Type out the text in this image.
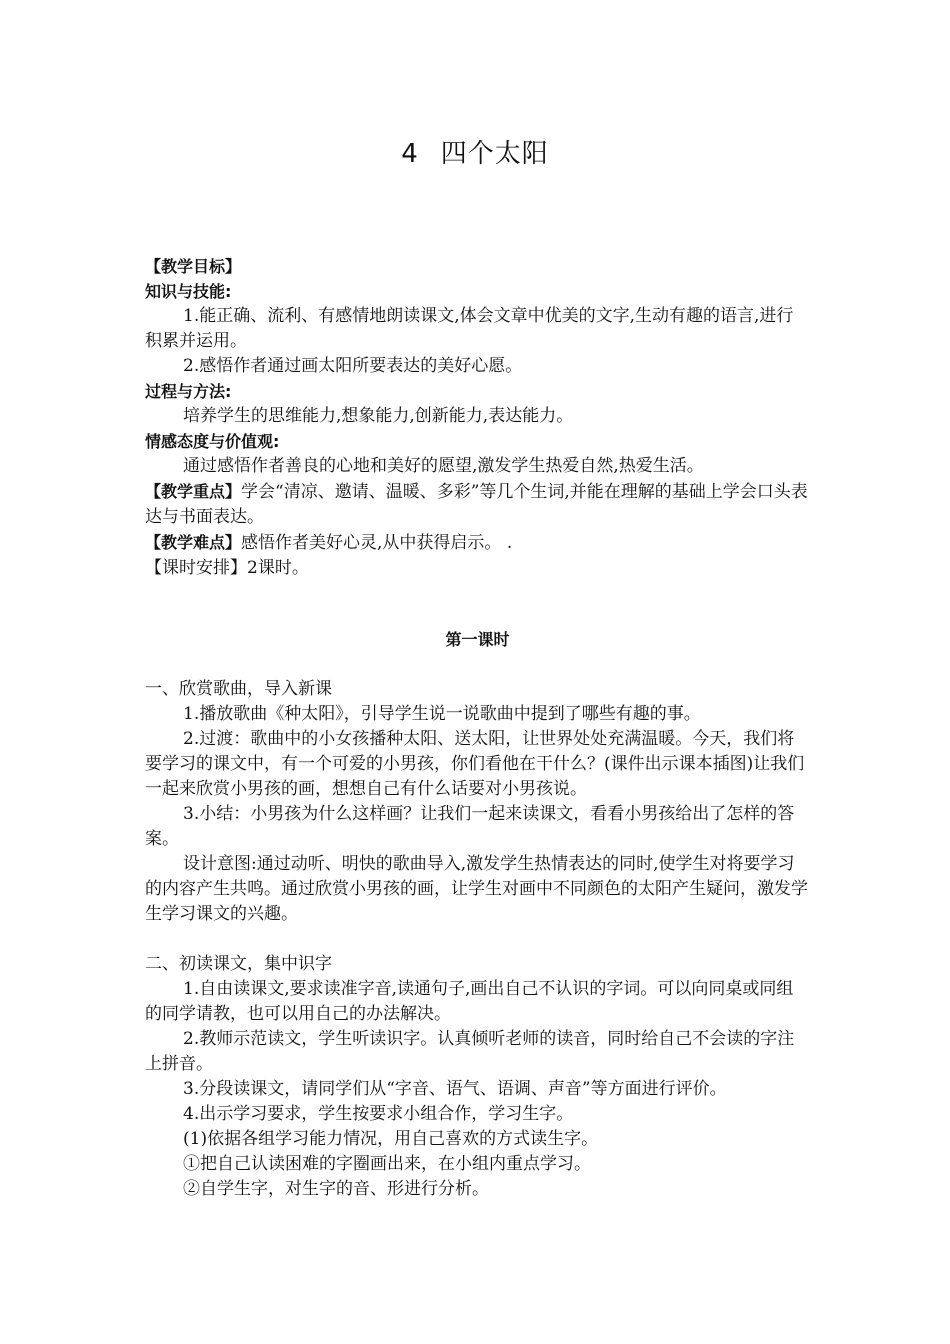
4 四个太阳

【教学目标】

知识与技能:

1.能正确、流利、有感情地朗读课文,体会文章中优美的文字,生动有趣的语言,进行积累并运用。

2.感悟作者通过画太阳所要表达的美好心愿。

过程与方法:

培养学生的思维能力,想象能力,创新能力,表达能力。

情感态度与价值观:

通过感悟作者善良的心地和美好的愿望,激发学生热爱自然,热爱生活。

【教学重点】学会“清凉、邀请、温暖、多彩”等几个生词,并能在理解的基础上学会口头表达与书面表达。

【教学难点】感悟作者美好心灵,从中获得启示。 .

【课时安排】2课时。

第一课时

一、欣赏歌曲，导入新课

1.播放歌曲《种太阳》，引导学生说一说歌曲中提到了哪些有趣的事。

2.过渡：歌曲中的小女孩播种太阳、送太阳，让世界处处充满温暖。今天，我们将要学习的课文中，有一个可爱的小男孩，你们看他在干什么？(课件出示课本插图)让我们一起来欣赏小男孩的画，想想自己有什么话要对小男孩说。

3.小结：小男孩为什么这样画？让我们一起来读课文，看看小男孩给出了怎样的答案。

设计意图:通过动听、明快的歌曲导入,激发学生热情表达的同时,使学生对将要学习的内容产生共鸣。通过欣赏小男孩的画，让学生对画中不同颜色的太阳产生疑问，激发学生学习课文的兴趣。

二、初读课文，集中识字

1.自由读课文,要求读准字音,读通句子,画出自己不认识的字词。可以向同桌或同组的同学请教，也可以用自己的办法解决。

2.教师示范读文，学生听读识字。认真倾听老师的读音，同时给自己不会读的字注上拼音。

3.分段读课文，请同学们从“字音、语气、语调、声音”等方面进行评价。

4.出示学习要求，学生按要求小组合作，学习生字。

(1)依据各组学习能力情况，用自己喜欢的方式读生字。

①把自己认读困难的字圈画出来，在小组内重点学习。

②自学生字，对生字的音、形进行分析。
